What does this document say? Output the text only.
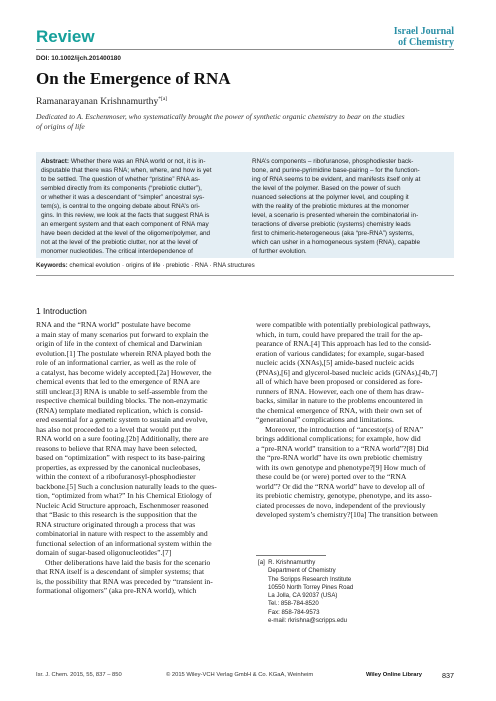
Review	Israel Journal
of Chemistry
DOI: 10.1002/ijch.201400180
On the Emergence of RNA
Ramanarayanan Krishnamurthy$^{*[a]}$
Dedicated to A. Eschenmoser, who systematically brought the power of synthetic organic chemistry to bear on the studies
of origins of life
Abstract: Whether there was an RNA world or not, it is in-
disputable that there was RNA; when, where, and how is yet
to be settled. The question of whether “pristine” RNA as-
sembled directly from its components (“prebiotic clutter”),
or whether it was a descendant of “simpler” ancestral sys-
tem(s), is central to the ongoing debate about RNA’s ori-
gins. In this review, we look at the facts that suggest RNA is
an emergent system and that each component of RNA may
have been decided at the level of the oligomer/polymer, and
not at the level of the prebiotic clutter, nor at the level of
monomer nucleotides. The critical interdependence of
RNA’s components – ribofuranose, phosphodiester back-
bone, and purine-pyrimidine base-pairing – for the function-
ing of RNA seems to be evident, and manifests itself only at
the level of the polymer. Based on the power of such
nuanced selections at the polymer level, and coupling it
with the reality of the prebiotic mixtures at the monomer
level, a scenario is presented wherein the combinatorial in-
teractions of diverse prebiotic (systems) chemistry leads
first to chimeric-heterogeneous (aka “pre-RNA”) systems,
which can usher in a homogeneous system (RNA), capable
of further evolution.
Keywords: chemical evolution · origins of life · prebiotic · RNA · RNA structures
1 Introduction
RNA and the “RNA world” postulate have become
a main stay of many scenarios put forward to explain the
origin of life in the context of chemical and Darwinian
evolution.[1] The postulate wherein RNA played both the
role of an informational carrier, as well as the role of
a catalyst, has become widely accepted.[2a] However, the
chemical events that led to the emergence of RNA are
still unclear.[3] RNA is unable to self-assemble from the
respective chemical building blocks. The non-enzymatic
(RNA) template mediated replication, which is consid-
ered essential for a genetic system to sustain and evolve,
has also not proceeded to a level that would put the
RNA world on a sure footing.[2b] Additionally, there are
reasons to believe that RNA may have been selected,
based on “optimization” with respect to its base-pairing
properties, as expressed by the canonical nucleobases,
within the context of a ribofuranosyl-phosphodiester
backbone.[5] Such a conclusion naturally leads to the ques-
tion, “optimized from what?” In his Chemical Etiology of
Nucleic Acid Structure approach, Eschenmoser reasoned
that “Basic to this research is the supposition that the
RNA structure originated through a process that was
combinatorial in nature with respect to the assembly and
functional selection of an informational system within the
domain of sugar-based oligonucleotides”.[7]
Other deliberations have laid the basis for the scenario
that RNA itself is a descendant of simpler systems; that
is, the possibility that RNA was preceded by “transient in-
formational oligomers” (aka pre-RNA world), which
were compatible with potentially prebiological pathways,
which, in turn, could have prepared the trail for the ap-
pearance of RNA.[4] This approach has led to the consid-
eration of various candidates; for example, sugar-based
nucleic acids (XNAs),[5] amide-based nucleic acids
(PNAs),[6] and glycerol-based nucleic acids (GNAs),[4b,7]
all of which have been proposed or considered as fore-
runners of RNA. However, each one of them has draw-
backs, similar in nature to the problems encountered in
the chemical emergence of RNA, with their own set of
“generational” complications and limitations.
Moreover, the introduction of “ancestor(s) of RNA”
brings additional complications; for example, how did
a “pre-RNA world” transition to a “RNA world”?[8] Did
the “pre-RNA world” have its own prebiotic chemistry
with its own genotype and phenotype?[9] How much of
these could be (or were) ported over to the “RNA
world”? Or did the “RNA world” have to develop all of
its prebiotic chemistry, genotype, phenotype, and its asso-
ciated processes de novo, independent of the previously
developed system’s chemistry?[10a] The transition between
[a] R. Krishnamurthy
Department of Chemistry
The Scripps Research Institute
10550 North Torrey Pines Road
La Jolla, CA 92037 (USA)
Tel.: 858-784-8520
Fax: 858-784-9573
e-mail: rkrishna@scripps.edu
Isr. J. Chem. 2015, 55, 837 – 850	© 2015 Wiley-VCH Verlag GmbH & Co. KGaA, Weinheim	Wiley Online Library	837
